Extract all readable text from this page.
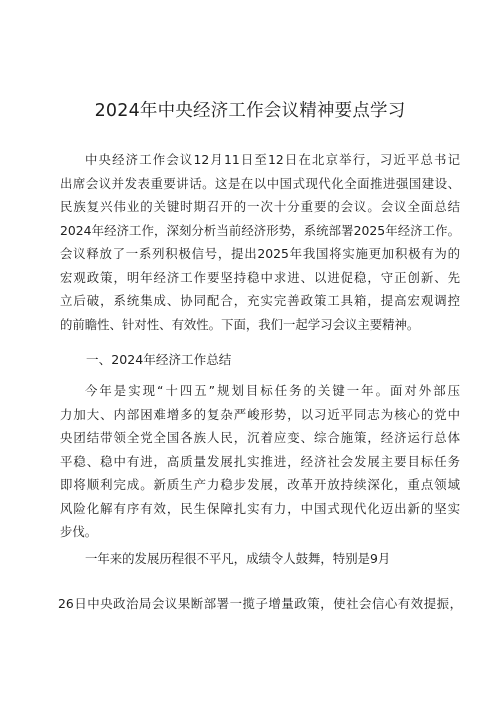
2024年中央经济工作会议精神要点学习
中央经济工作会议12月11日至12日在北京举行，习近平总书记
出席会议并发表重要讲话。这是在以中国式现代化全面推进强国建设、
民族复兴伟业的关键时期召开的一次十分重要的会议。会议全面总结
2024年经济工作，深刻分析当前经济形势，系统部署2025年经济工作。
会议释放了一系列积极信号，提出2025年我国将实施更加积极有为的
宏观政策，明年经济工作要坚持稳中求进、以进促稳，守正创新、先
立后破，系统集成、协同配合，充实完善政策工具箱，提高宏观调控
的前瞻性、针对性、有效性。下面，我们一起学习会议主要精神。
一、2024年经济工作总结
今年是实现“十四五”规划目标任务的关键一年。面对外部压
力加大、内部困难增多的复杂严峻形势，以习近平同志为核心的党中
央团结带领全党全国各族人民，沉着应变、综合施策，经济运行总体
平稳、稳中有进，高质量发展扎实推进，经济社会发展主要目标任务
即将顺利完成。新质生产力稳步发展，改革开放持续深化，重点领域
风险化解有序有效，民生保障扎实有力，中国式现代化迈出新的坚实
步伐。
一年来的发展历程很不平凡，成绩令人鼓舞，特别是9月
26日中央政治局会议果断部署一揽子增量政策，使社会信心有效提振，
